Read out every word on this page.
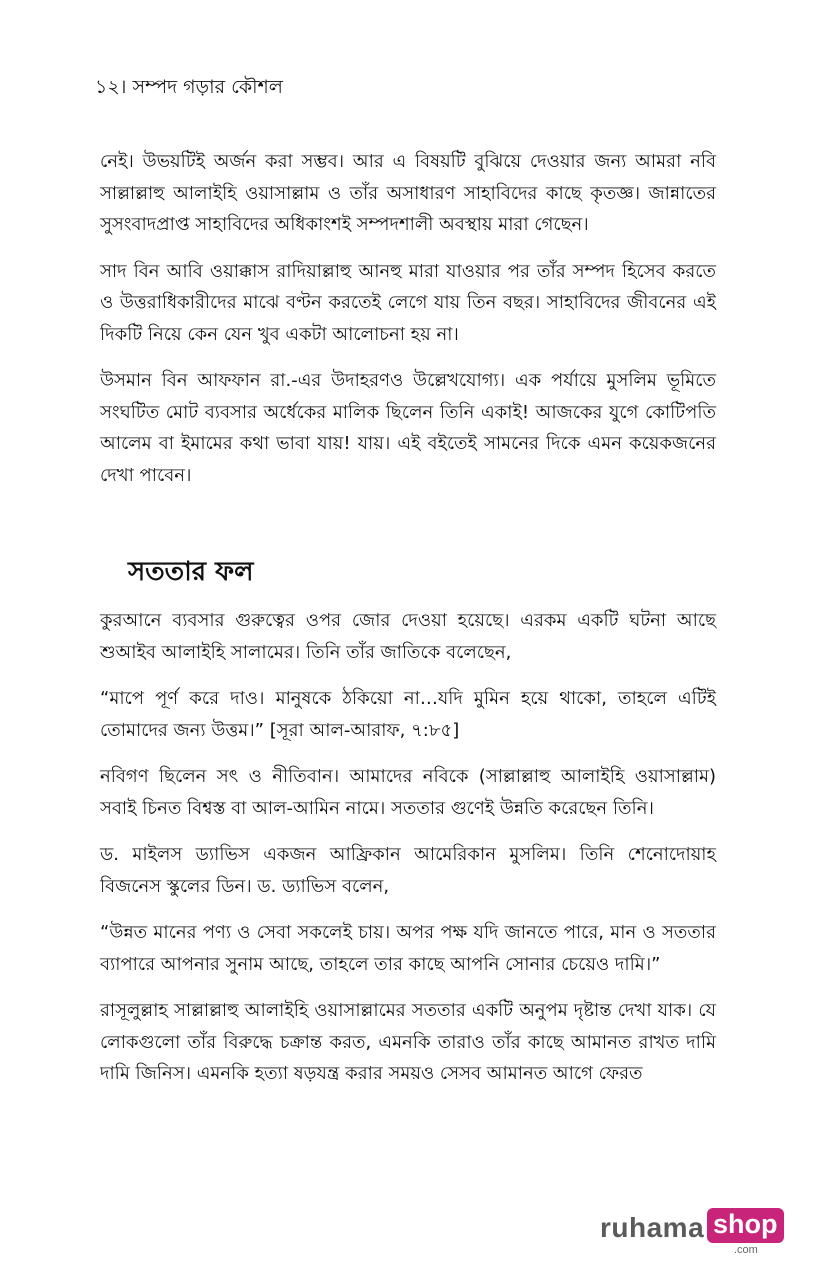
১২। সম্পদ গড়ার কৌশল

নেই। উভয়টিই অর্জন করা সম্ভব। আর এ বিষয়টি বুঝিয়ে দেওয়ার জন্য আমরা নবি সাল্লাল্লাহু আলাইহি ওয়াসাল্লাম ও তাঁর অসাধারণ সাহাবিদের কাছে কৃতজ্ঞ। জান্নাতের সুসংবাদপ্রাপ্ত সাহাবিদের অধিকাংশই সম্পদশালী অবস্থায় মারা গেছেন।

সাদ বিন আবি ওয়াক্কাস রাদিয়াল্লাহু আনহু মারা যাওয়ার পর তাঁর সম্পদ হিসেব করতে ও উত্তরাধিকারীদের মাঝে বণ্টন করতেই লেগে যায় তিন বছর। সাহাবিদের জীবনের এই দিকটি নিয়ে কেন যেন খুব একটা আলোচনা হয় না।

উসমান বিন আফফান রা.-এর উদাহরণও উল্লেখযোগ্য। এক পর্যায়ে মুসলিম ভূমিতে সংঘটিত মোট ব্যবসার অর্ধেকের মালিক ছিলেন তিনি একাই! আজকের যুগে কোটিপতি আলেম বা ইমামের কথা ভাবা যায়! যায়। এই বইতেই সামনের দিকে এমন কয়েকজনের দেখা পাবেন।

সততার ফল

কুরআনে ব্যবসার গুরুত্বের ওপর জোর দেওয়া হয়েছে। এরকম একটি ঘটনা আছে শুআইব আলাইহি সালামের। তিনি তাঁর জাতিকে বলেছেন,

“মাপে পূর্ণ করে দাও। মানুষকে ঠকিয়ো না…যদি মুমিন হয়ে থাকো, তাহলে এটিই তোমাদের জন্য উত্তম।” [সূরা আল-আরাফ, ৭:৮৫]

নবিগণ ছিলেন সৎ ও নীতিবান। আমাদের নবিকে (সাল্লাল্লাহু আলাইহি ওয়াসাল্লাম) সবাই চিনত বিশ্বস্ত বা আল-আমিন নামে। সততার গুণেই উন্নতি করেছেন তিনি।

ড. মাইলস ড্যাভিস একজন আফ্রিকান আমেরিকান মুসলিম। তিনি শেনোদোয়াহ বিজনেস স্কুলের ডিন। ড. ড্যাভিস বলেন,

“উন্নত মানের পণ্য ও সেবা সকলেই চায়। অপর পক্ষ যদি জানতে পারে, মান ও সততার ব্যাপারে আপনার সুনাম আছে, তাহলে তার কাছে আপনি সোনার চেয়েও দামি।”

রাসূলুল্লাহ সাল্লাল্লাহু আলাইহি ওয়াসাল্লামের সততার একটি অনুপম দৃষ্টান্ত দেখা যাক। যে লোকগুলো তাঁর বিরুদ্ধে চক্রান্ত করত, এমনকি তারাও তাঁর কাছে আমানত রাখত দামি দামি জিনিস। এমনকি হত্যা ষড়যন্ত্র করার সময়ও সেসব আমানত আগে ফেরত

ruhama shop
.com
